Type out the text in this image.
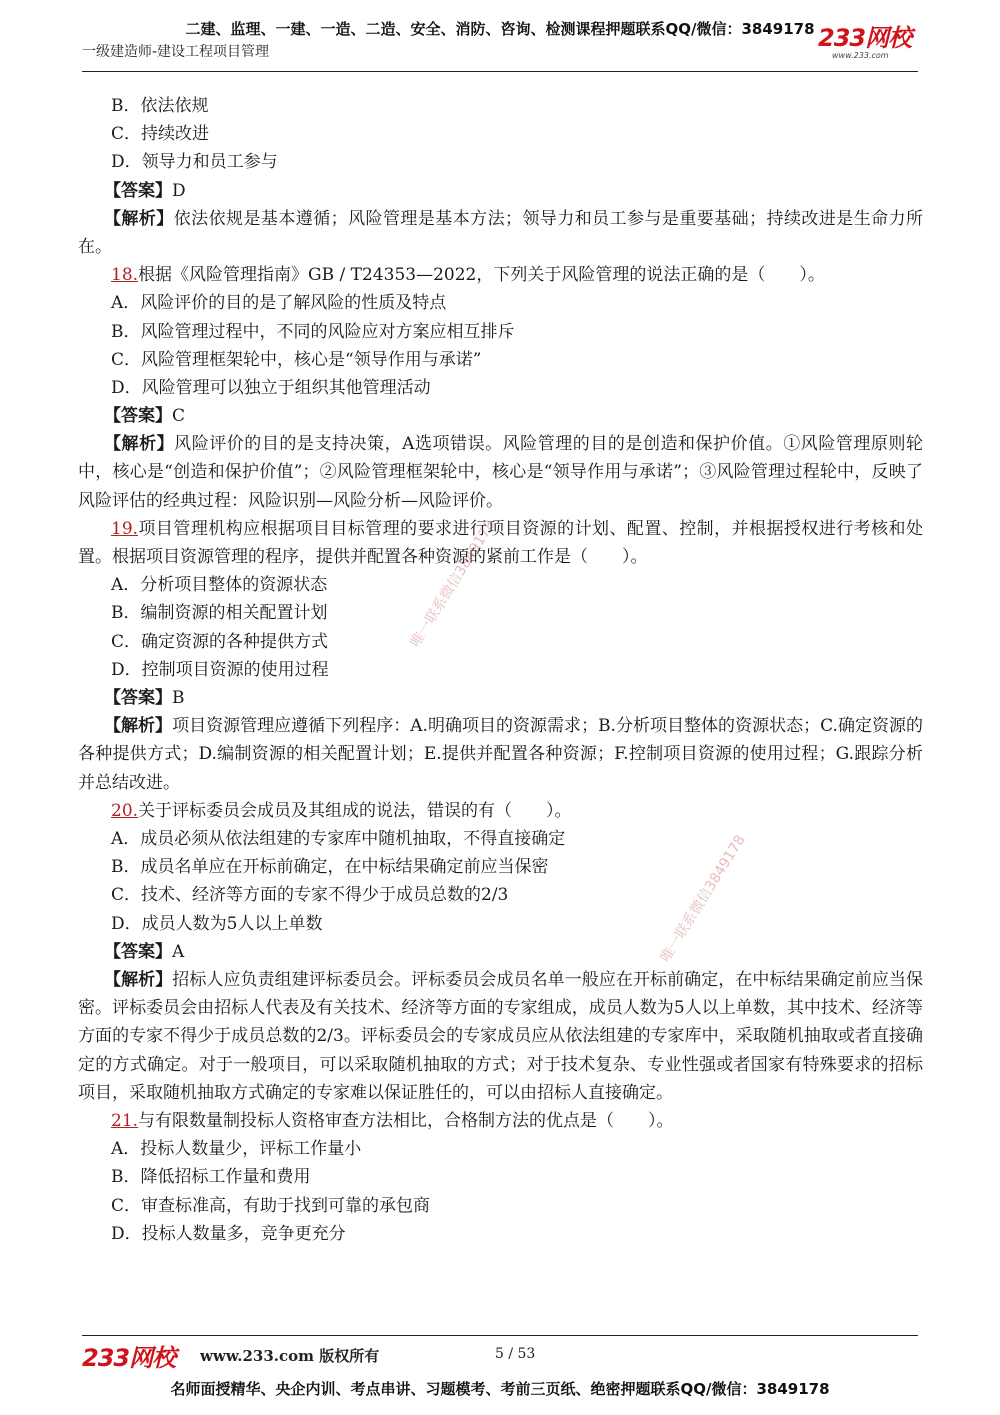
二建、监理、一建、一造、二造、安全、消防、咨询、检测课程押题联系QQ/微信：3849178
一级建造师-建设工程项目管理	233网校
www.233.com
B．依法依规
C．持续改进
D．领导力和员工参与
【答案】D

【解析】依法依规是基本遵循；风险管理是基本方法；领导力和员工参与是重要基础；持续改进是生命力所在。

18.根据《风险管理指南》GB / T24353—2022，下列关于风险管理的说法正确的是（　　）。
A．风险评价的目的是了解风险的性质及特点
B．风险管理过程中，不同的风险应对方案应相互排斥
C．风险管理框架轮中，核心是“领导作用与承诺”
D．风险管理可以独立于组织其他管理活动
【答案】C

【解析】风险评价的目的是支持决策，A选项错误。风险管理的目的是创造和保护价值。①风险管理原则轮中，核心是“创造和保护价值”；②风险管理框架轮中，核心是“领导作用与承诺”；③风险管理过程轮中，反映了风险评估的经典过程：风险识别—风险分析—风险评价。

19.项目管理机构应根据项目目标管理的要求进行项目资源的计划、配置、控制，并根据授权进行考核和处置。根据项目资源管理的程序，提供并配置各种资源的紧前工作是（　　）。

A．分析项目整体的资源状态
B．编制资源的相关配置计划
C．确定资源的各种提供方式
D．控制项目资源的使用过程
【答案】B

【解析】项目资源管理应遵循下列程序：A.明确项目的资源需求；B.分析项目整体的资源状态；C.确定资源的各种提供方式；D.编制资源的相关配置计划；E.提供并配置各种资源；F.控制项目资源的使用过程；G.跟踪分析并总结改进。

20.关于评标委员会成员及其组成的说法，错误的有（　　）。
A．成员必须从依法组建的专家库中随机抽取，不得直接确定
B．成员名单应在开标前确定，在中标结果确定前应当保密
C．技术、经济等方面的专家不得少于成员总数的2/3
D．成员人数为5人以上单数
【答案】A

【解析】招标人应负责组建评标委员会。评标委员会成员名单一般应在开标前确定，在中标结果确定前应当保密。评标委员会由招标人代表及有关技术、经济等方面的专家组成，成员人数为5人以上单数，其中技术、经济等方面的专家不得少于成员总数的2/3。评标委员会的专家成员应从依法组建的专家库中，采取随机抽取或者直接确定的方式确定。对于一般项目，可以采取随机抽取的方式；对于技术复杂、专业性强或者国家有特殊要求的招标项目，采取随机抽取方式确定的专家难以保证胜任的，可以由招标人直接确定。

21.与有限数量制投标人资格审查方法相比，合格制方法的优点是（　　）。
A．投标人数量少，评标工作量小
B．降低招标工作量和费用
C．审查标准高，有助于找到可靠的承包商
D．投标人数量多，竞争更充分
唯一联系微信3849178
唯一联系微信3849178
233网校 www.233.com 版权所有	5 / 53
名师面授精华、央企内训、考点串讲、习题模考、考前三页纸、绝密押题联系QQ/微信：3849178
